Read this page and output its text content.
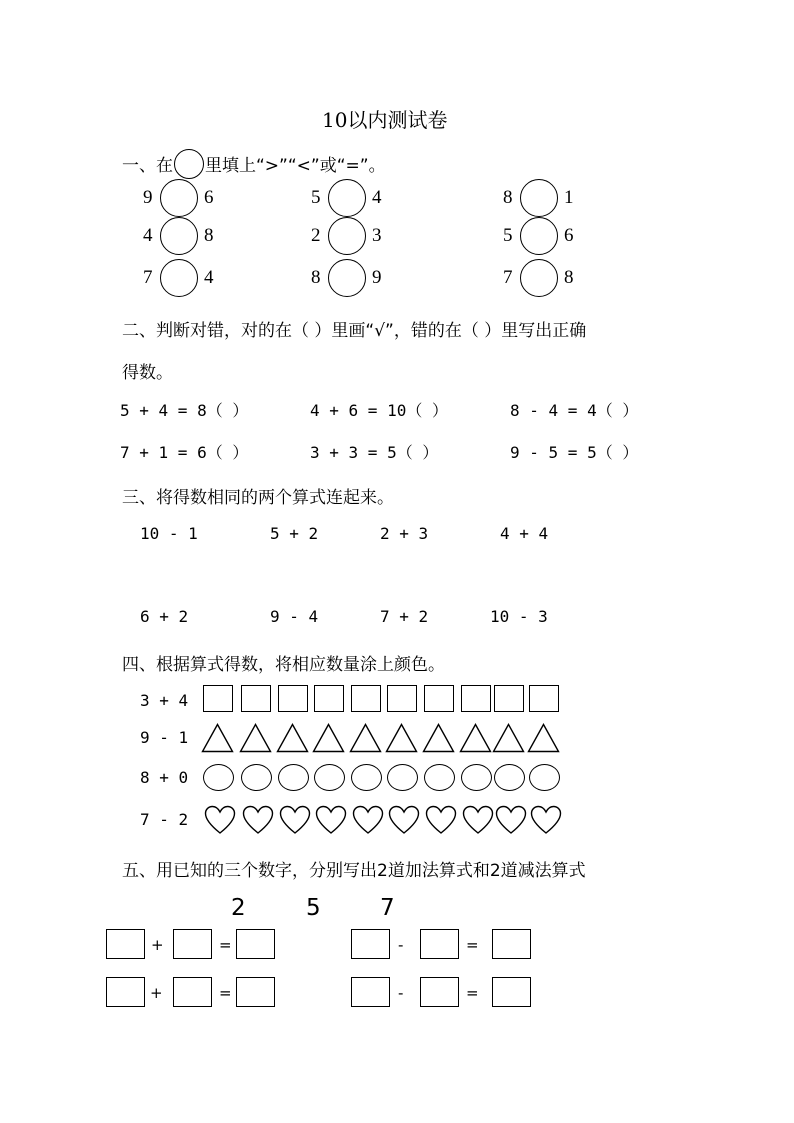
10以内测试卷
一、在 里填上“>”“<”或“=”。
9	6	5	4	8	1
4	8	2	3	5	6
7	4	8	9	7	8
二、判断对错，对的在（ ）里画“√”，错的在（ ）里写出正确
得数。
5 + 4 = 8（ ）	4 + 6 = 10（ ）	8 - 4 = 4（ ）
7 + 1 = 6（ ）	3 + 3 = 5（ ）	9 - 5 = 5（ ）
三、将得数相同的两个算式连起来。
10 - 1	5 + 2	2 + 3	4 + 4
6 + 2	9 - 4	7 + 2	10 - 3
四、根据算式得数，将相应数量涂上颜色。
3 + 4
9 - 1
8 + 0
7 - 2
五、用已知的三个数字，分别写出2道加法算式和2道减法算式
2	5	7
+	=	-	=
+	=	-	=
